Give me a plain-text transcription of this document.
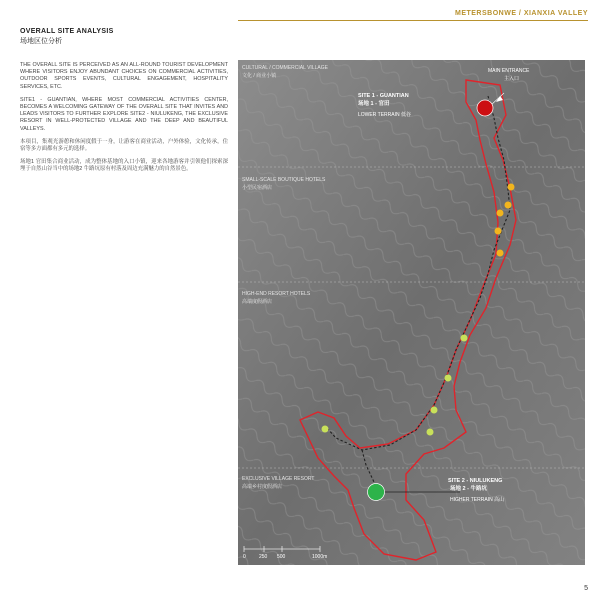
METERSBONWE / XIANXIA VALLEY
OVERALL SITE ANALYSIS
场地区位分析

THE OVERALL SITE IS PERCEIVED AS AN ALL-ROUND TOURIST DEVELOPMENT WHERE VISITORS ENJOY ABUNDANT CHOICES ON COMMERCIAL ACTIVITIES, OUTDOOR SPORTS EVENTS, CULTURAL ENGAGEMENT, HOSPITALITY SERVICES, ETC.

SITE1 - GUANTIAN, WHERE MOST COMMERCIAL ACTIVITIES CENTER, BECOMES A WELCOMING GATEWAY OF THE OVERALL SITE THAT INVITES AND LEADS VISITORS TO FURTHER EXPLORE SITE2 - NIULUKENG, THE EXCLUSIVE RESORT IN WELL-PROTECTED VILLAGE AND THE DEEP AND BEAUTIFUL VALLEYS.

本项目，集观光游憩和休闲度假于一身，让游客在商业活动，户外体验，文化传承，住宿等多方面都有多元的选择。

场地1 官田集合商业活动，成为整体基地的入口小镇，迎来各地游客并引领他们探索深埋于自然山谷当中的场地2 牛路坑原有村落及周边充满魅力的自然景色。

CULTURAL / COMMERCIAL VILLAGE
文化 / 商业小镇
SMALL-SCALE BOUTIQUE HOTELS
小型民宿酒店
HIGH-END RESORT HOTELS
高端度假酒店
EXCLUSIVE VILLAGE RESORT
高端乡村度假酒店
MAIN ENTRANCE
主入口
SITE 1 - GUANTIAN
场地 1 - 官田
LOWER TERRAIN 低谷
SITE 2 - NIULUKENG
场地 2 - 牛路坑
HIGHER TERRAIN 高山
0	250 500	1000m
5
